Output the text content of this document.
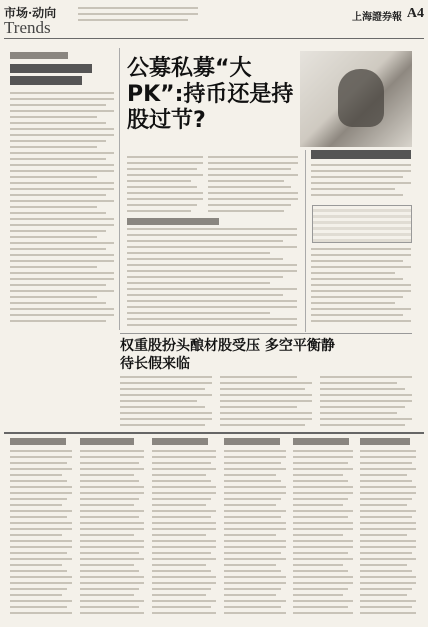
市场·动向
Trends
上海證券報 A4
公募私募“大 PK”:持币还是持股过节?
权重股扮头酿材股受压 多空平衡静待长假来临
